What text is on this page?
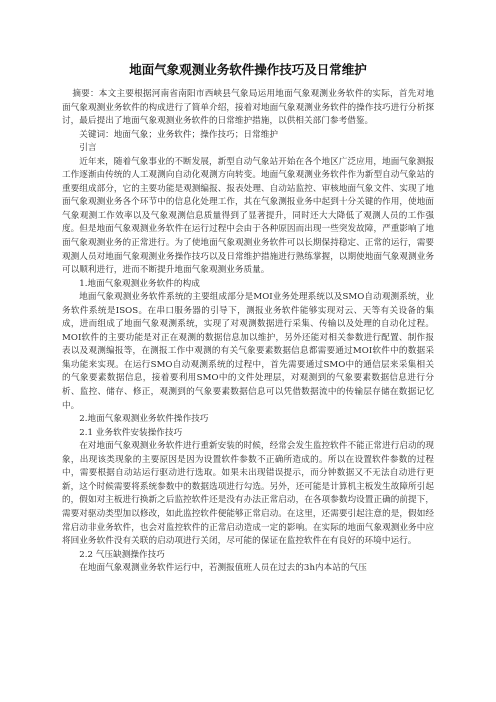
地面气象观测业务软件操作技巧及日常维护

摘要：本文主要根据河南省南阳市西峡县气象局运用地面气象观测业务软件的实际，首先对地面气象观测业务软件的构成进行了简单介绍，接着对地面气象观测业务软件的操作技巧进行分析探讨，最后提出了地面气象观测业务软件的日常维护措施，以供相关部门参考借鉴。

关键词：地面气象；业务软件；操作技巧；日常维护

引言

近年来，随着气象事业的不断发展，新型自动气象站开始在各个地区广泛应用，地面气象测报工作逐渐由传统的人工观测向自动化观测方向转变。地面气象观测业务软件作为新型自动气象站的重要组成部分，它的主要功能是观测编报、报表处理、自动站监控、审核地面气象文件、实现了地面气象观测业务各个环节中的信息化处理工作，其在气象测报业务中起到十分关键的作用，使地面气象观测工作效率以及气象观测信息质量得到了显著提升，同时还大大降低了观测人员的工作强度。但是地面气象观测业务软件在运行过程中会由于各种原因而出现一些突发故障，严重影响了地面气象观测业务的正常进行。为了使地面气象观测业务软件可以长期保持稳定、正常的运行，需要观测人员对地面气象观测业务操作技巧以及日常维护措施进行熟练掌握，以期使地面气象观测业务可以顺利进行，进而不断提升地面气象观测业务质量。

1.地面气象观测业务软件的构成

地面气象观测业务软件系统的主要组成部分是MOI业务处理系统以及SMO自动观测系统，业务软件系统是ISOS。在串口服务器的引导下，测报业务软件能够实现对云、天等有关设备的集成，进而组成了地面气象观测系统，实现了对观测数据进行采集、传输以及处理的自动化过程。MOI软件的主要功能是对正在观测的数据信息加以维护，另外还能对相关参数进行配置、制作报表以及观测编报等，在测报工作中观测的有关气象要素数据信息都需要通过MOI软件中的数据采集功能来实现。在运行SMO自动观测系统的过程中，首先需要通过SMO中的通信层来采集相关的气象要素数据信息，接着要利用SMO中的文件处理层，对观测到的气象要素数据信息进行分析、监控、储存、修正，观测到的气象要素数据信息可以凭借数据流中的传输层存储在数据记忆中。

2.地面气象观测业务软件操作技巧

2.1 业务软件安装操作技巧

在对地面气象观测业务软件进行重新安装的时候，经常会发生监控软件不能正常进行启动的现象，出现该类现象的主要原因是因为设置软件参数不正确所造成的。所以在设置软件参数的过程中，需要根据自动站运行驱动进行选取。如果未出现错误提示，而分钟数据又不无法自动进行更新，这个时候需要将系统参数中的数据选项进行勾选。另外，还可能是计算机主板发生故障所引起的，假如对主板进行换新之后监控软件还是没有办法正常启动，在各项参数均设置正确的前提下，需要对驱动类型加以修改，如此监控软件便能够正常启动。在这里，还需要引起注意的是，假如经常启动非业务软件，也会对监控软件的正常启动造成一定的影响。在实际的地面气象观测业务中应将回业务软件没有关联的启动项进行关闭，尽可能的保证在监控软件在有良好的环境中运行。

2.2 气压缺测操作技巧

在地面气象观测业务软件运行中，若测报值班人员在过去的3h内本站的气压
